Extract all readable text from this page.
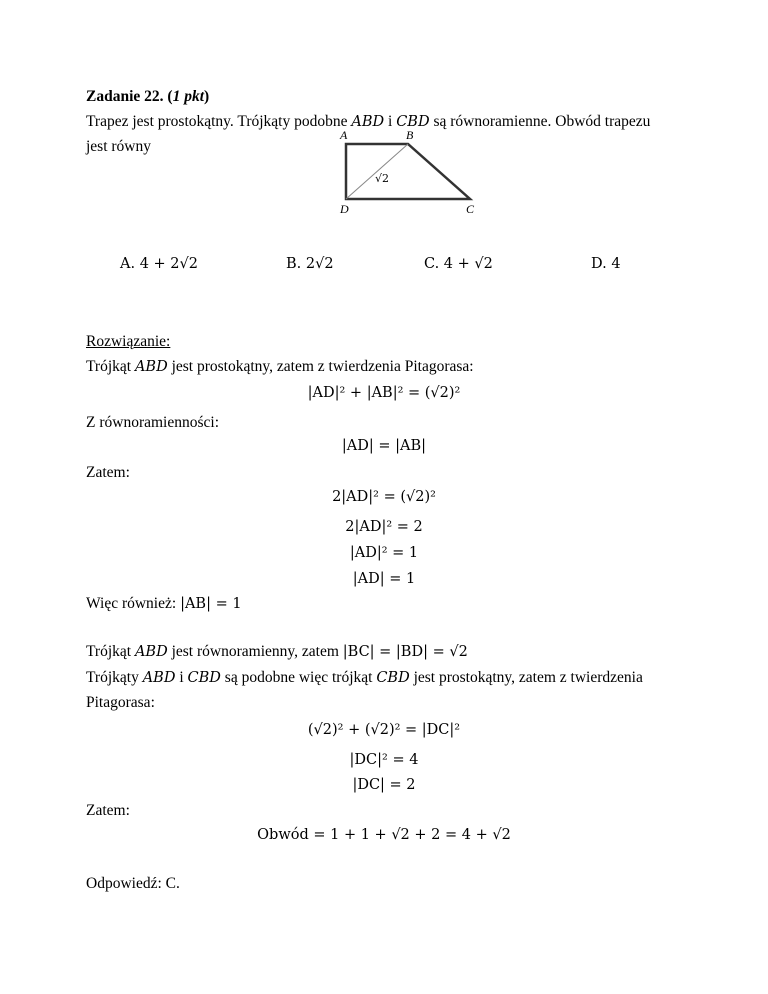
Zadanie 22. (1 pkt)
Trapez jest prostokątny. Trójkąty podobne ABD i CBD są równoramienne. Obwód trapezu
jest równy
A	B
C
D
√2
A. 4 + 2√2	B. 2√2	C. 4 + √2	D. 4
Rozwiązanie:
Trójkąt ABD jest prostokątny, zatem z twierdzenia Pitagorasa:
|AD|² + |AB|² = (√2)²
Z równoramienności:
|AD| = |AB|
Zatem:
2|AD|² = (√2)²
2|AD|² = 2
|AD|² = 1
|AD| = 1
Więc również: |AB| = 1
Trójkąt ABD jest równoramienny, zatem |BC| = |BD| = √2
Trójkąty ABD i CBD są podobne więc trójkąt CBD jest prostokątny, zatem z twierdzenia
Pitagorasa:
(√2)² + (√2)² = |DC|²
|DC|² = 4
|DC| = 2
Zatem:
Obwód = 1 + 1 + √2 + 2 = 4 + √2
Odpowiedź: C.
